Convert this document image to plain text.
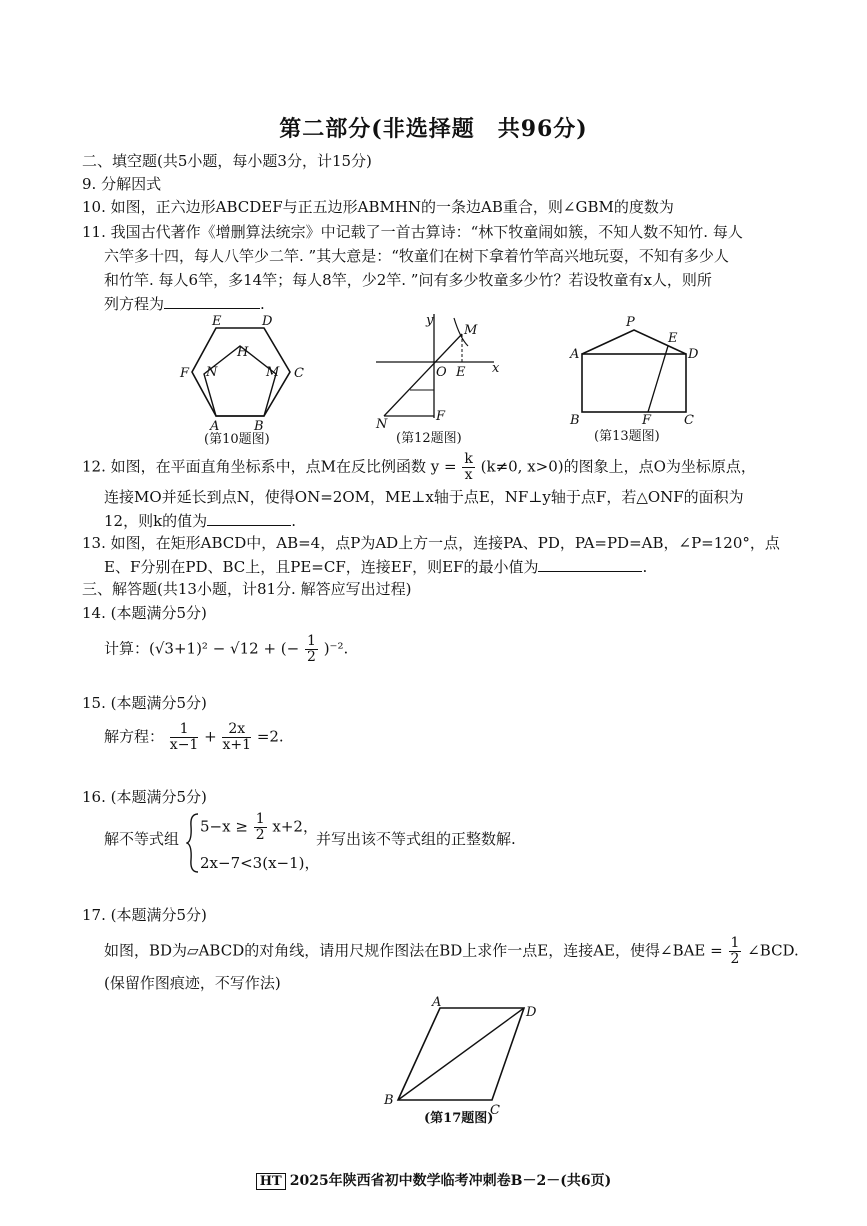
第二部分(非选择题　共96分)
二、填空题(共5小题，每小题3分，计15分)
9. 分解因式
10. 如图，正六边形ABCDEF与正五边形ABMHN的一条边AB重合，则∠GBM的度数为
11. 我国古代著作《增删算法统宗》中记载了一首古算诗：“林下牧童闹如簇，不知人数不知竹. 每人
六竿多十四，每人八竿少二竿. ”其大意是：“牧童们在树下拿着竹竿高兴地玩耍，不知有多少人
和竹竿. 每人6竿，多14竿；每人8竿，少2竿. ”问有多少牧童多少竹？若设牧童有x人，则所
列方程为	.
E	D
H
F N	M C
A	B
(第10题图)
y
M
O E x
N
F
(第12题图)
P
E
A	D
B	F	C
(第13题图)
12. 如图，在平面直角坐标系中，点M在反比例函数 $y = \frac{k}{x} (k\ne 0$, x>0)的图象上，点O为坐标原点，
连接MO并延长到点N，使得ON=2OM，ME⊥x轴于点E，NF⊥y轴于点F，若△ONF的面积为
12，则k的值为	.
13. 如图，在矩形ABCD中，AB=4，点P为AD上方一点，连接PA、PD，PA=PD=AB，∠P=120°，点
E、F分别在PD、BC上，且PE=CF，连接EF，则EF的最小值为	.
三、解答题(共13小题，计81分. 解答应写出过程)
14. (本题满分5分)
计算：(√3+1)² − √12 + (− $\frac{1}{2} )^{-2}$.
15. (本题满分5分)
解方程： $\frac{1}{x-1} + \frac{2x}{x+1} =2$.
16. (本题满分5分)
解不等式组
$5-x \ge \frac{1}{2} x+2$，
2x−7<3(x−1)，
并写出该不等式组的正整数解.
17. (本题满分5分)
如图，BD为▱ABCD的对角线，请用尺规作图法在BD上求作一点E，连接AE，使得∠BAE = $\frac{1}{2}$ ∠BCD.
(保留作图痕迹，不写作法)
A
D
B
C
(第17题图)
HT 2025年陕西省初中数学临考冲刺卷B－2－(共6页)
